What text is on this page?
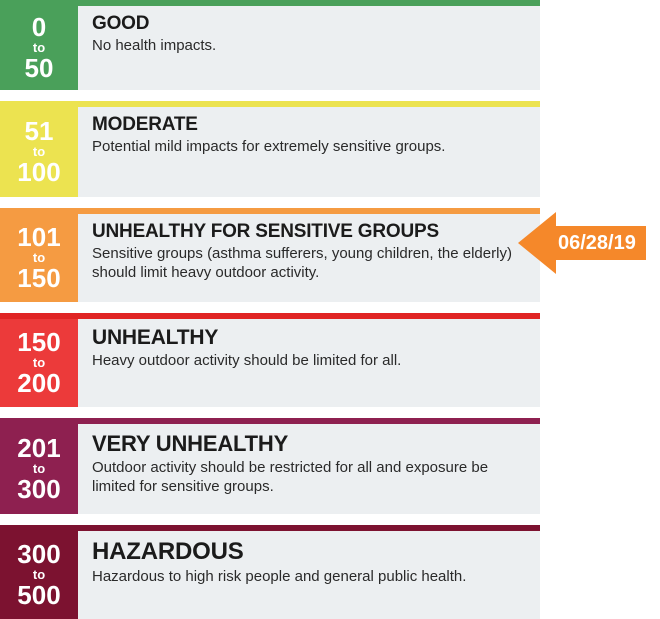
0
to
50
GOOD
No health impacts.
51
to
100
MODERATE
Potential mild impacts for extremely sensitive groups.
101
to
150
UNHEALTHY FOR SENSITIVE GROUPS
Sensitive groups (asthma sufferers, young children, the elderly) should limit heavy outdoor activity.
150
to
200
UNHEALTHY
Heavy outdoor activity should be limited for all.
201
to
300
VERY UNHEALTHY
Outdoor activity should be restricted for all and exposure be limited for sensitive groups.
300
to
500
HAZARDOUS
Hazardous to high risk people and general public health.
06/28/19
